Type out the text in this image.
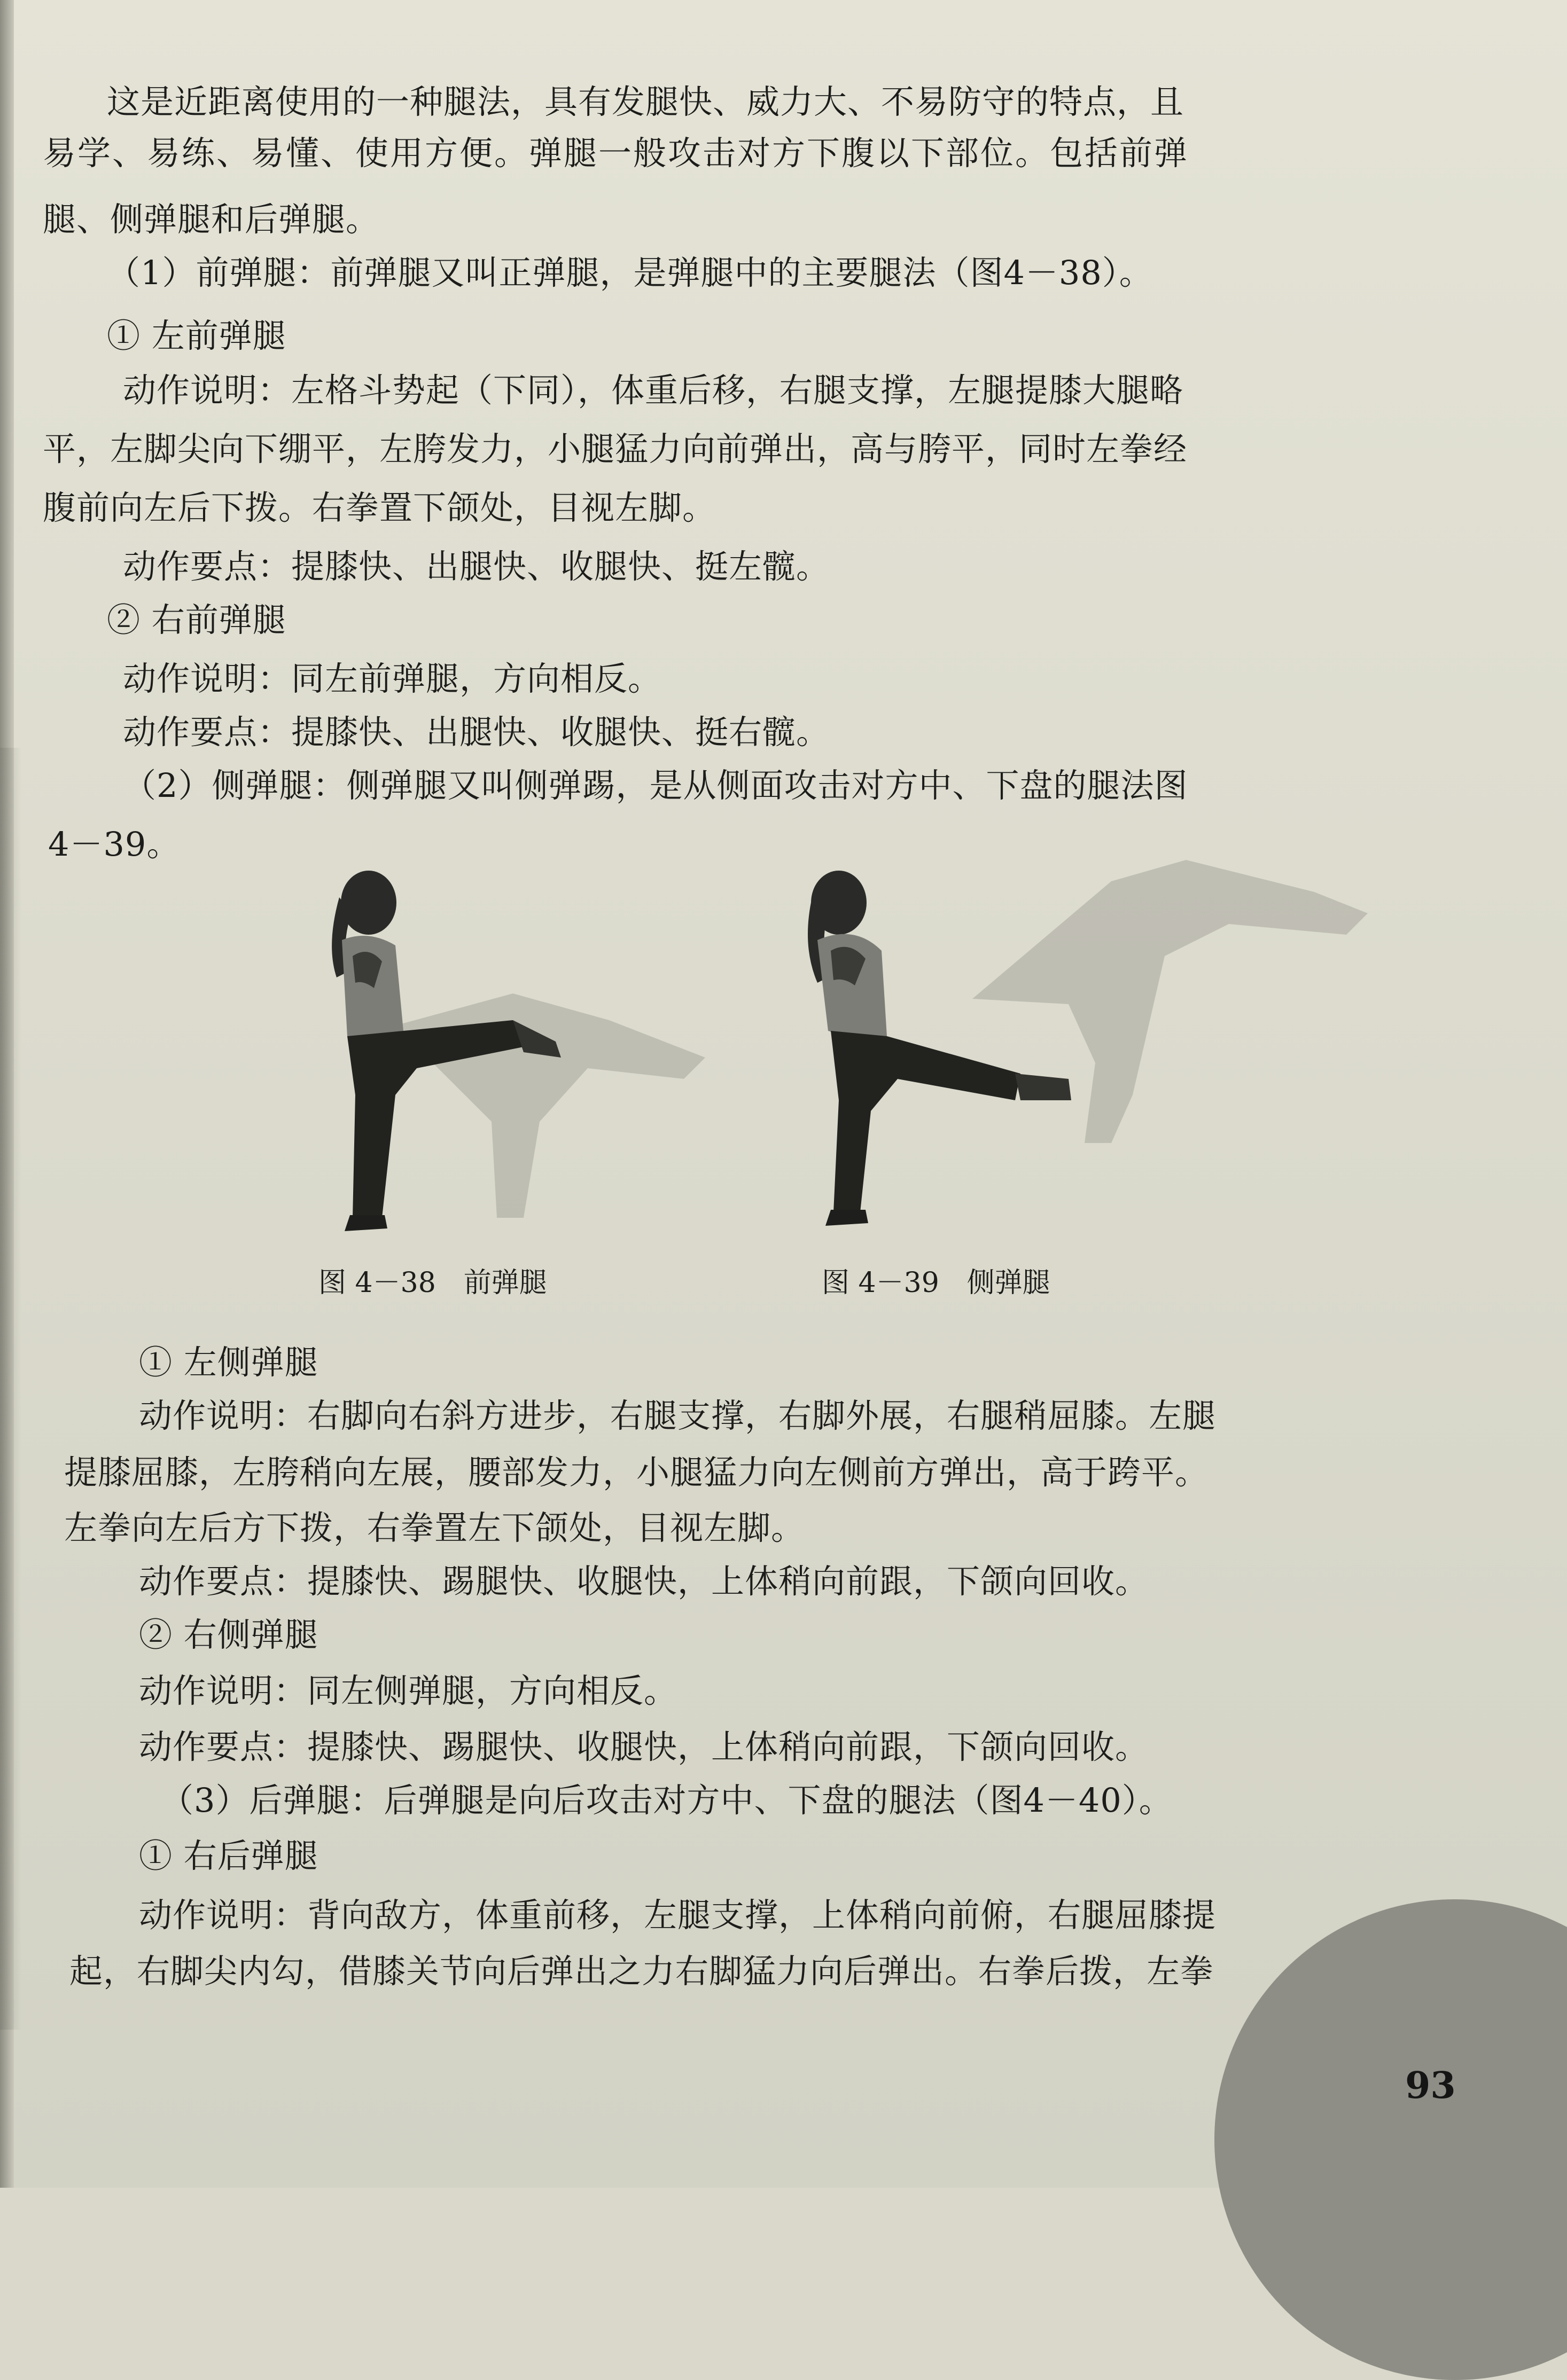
这是近距离使用的一种腿法，具有发腿快、威力大、不易防守的特点，且
易学、易练、易懂、使用方便。弹腿一般攻击对方下腹以下部位。包括前弹
腿、侧弹腿和后弹腿。
（1）前弹腿：前弹腿又叫正弹腿，是弹腿中的主要腿法（图4－38）。
① 左前弹腿
动作说明：左格斗势起（下同），体重后移，右腿支撑，左腿提膝大腿略
平，左脚尖向下绷平，左胯发力，小腿猛力向前弹出，高与胯平，同时左拳经
腹前向左后下拨。右拳置下颌处，目视左脚。
动作要点：提膝快、出腿快、收腿快、挺左髋。
② 右前弹腿
动作说明：同左前弹腿，方向相反。
动作要点：提膝快、出腿快、收腿快、挺右髋。
（2）侧弹腿：侧弹腿又叫侧弹踢，是从侧面攻击对方中、下盘的腿法图
4－39。
图 4－38　前弹腿	图 4－39　侧弹腿
① 左侧弹腿
动作说明：右脚向右斜方进步，右腿支撑，右脚外展，右腿稍屈膝。左腿
提膝屈膝，左胯稍向左展，腰部发力，小腿猛力向左侧前方弹出，高于跨平。
左拳向左后方下拨，右拳置左下颌处，目视左脚。
动作要点：提膝快、踢腿快、收腿快，上体稍向前跟，下颌向回收。
② 右侧弹腿
动作说明：同左侧弹腿，方向相反。
动作要点：提膝快、踢腿快、收腿快，上体稍向前跟，下颌向回收。
（3）后弹腿：后弹腿是向后攻击对方中、下盘的腿法（图4－40）。
① 右后弹腿
动作说明：背向敌方，体重前移，左腿支撑，上体稍向前俯，右腿屈膝提
起，右脚尖内勾，借膝关节向后弹出之力右脚猛力向后弹出。右拳后拨，左拳
93
